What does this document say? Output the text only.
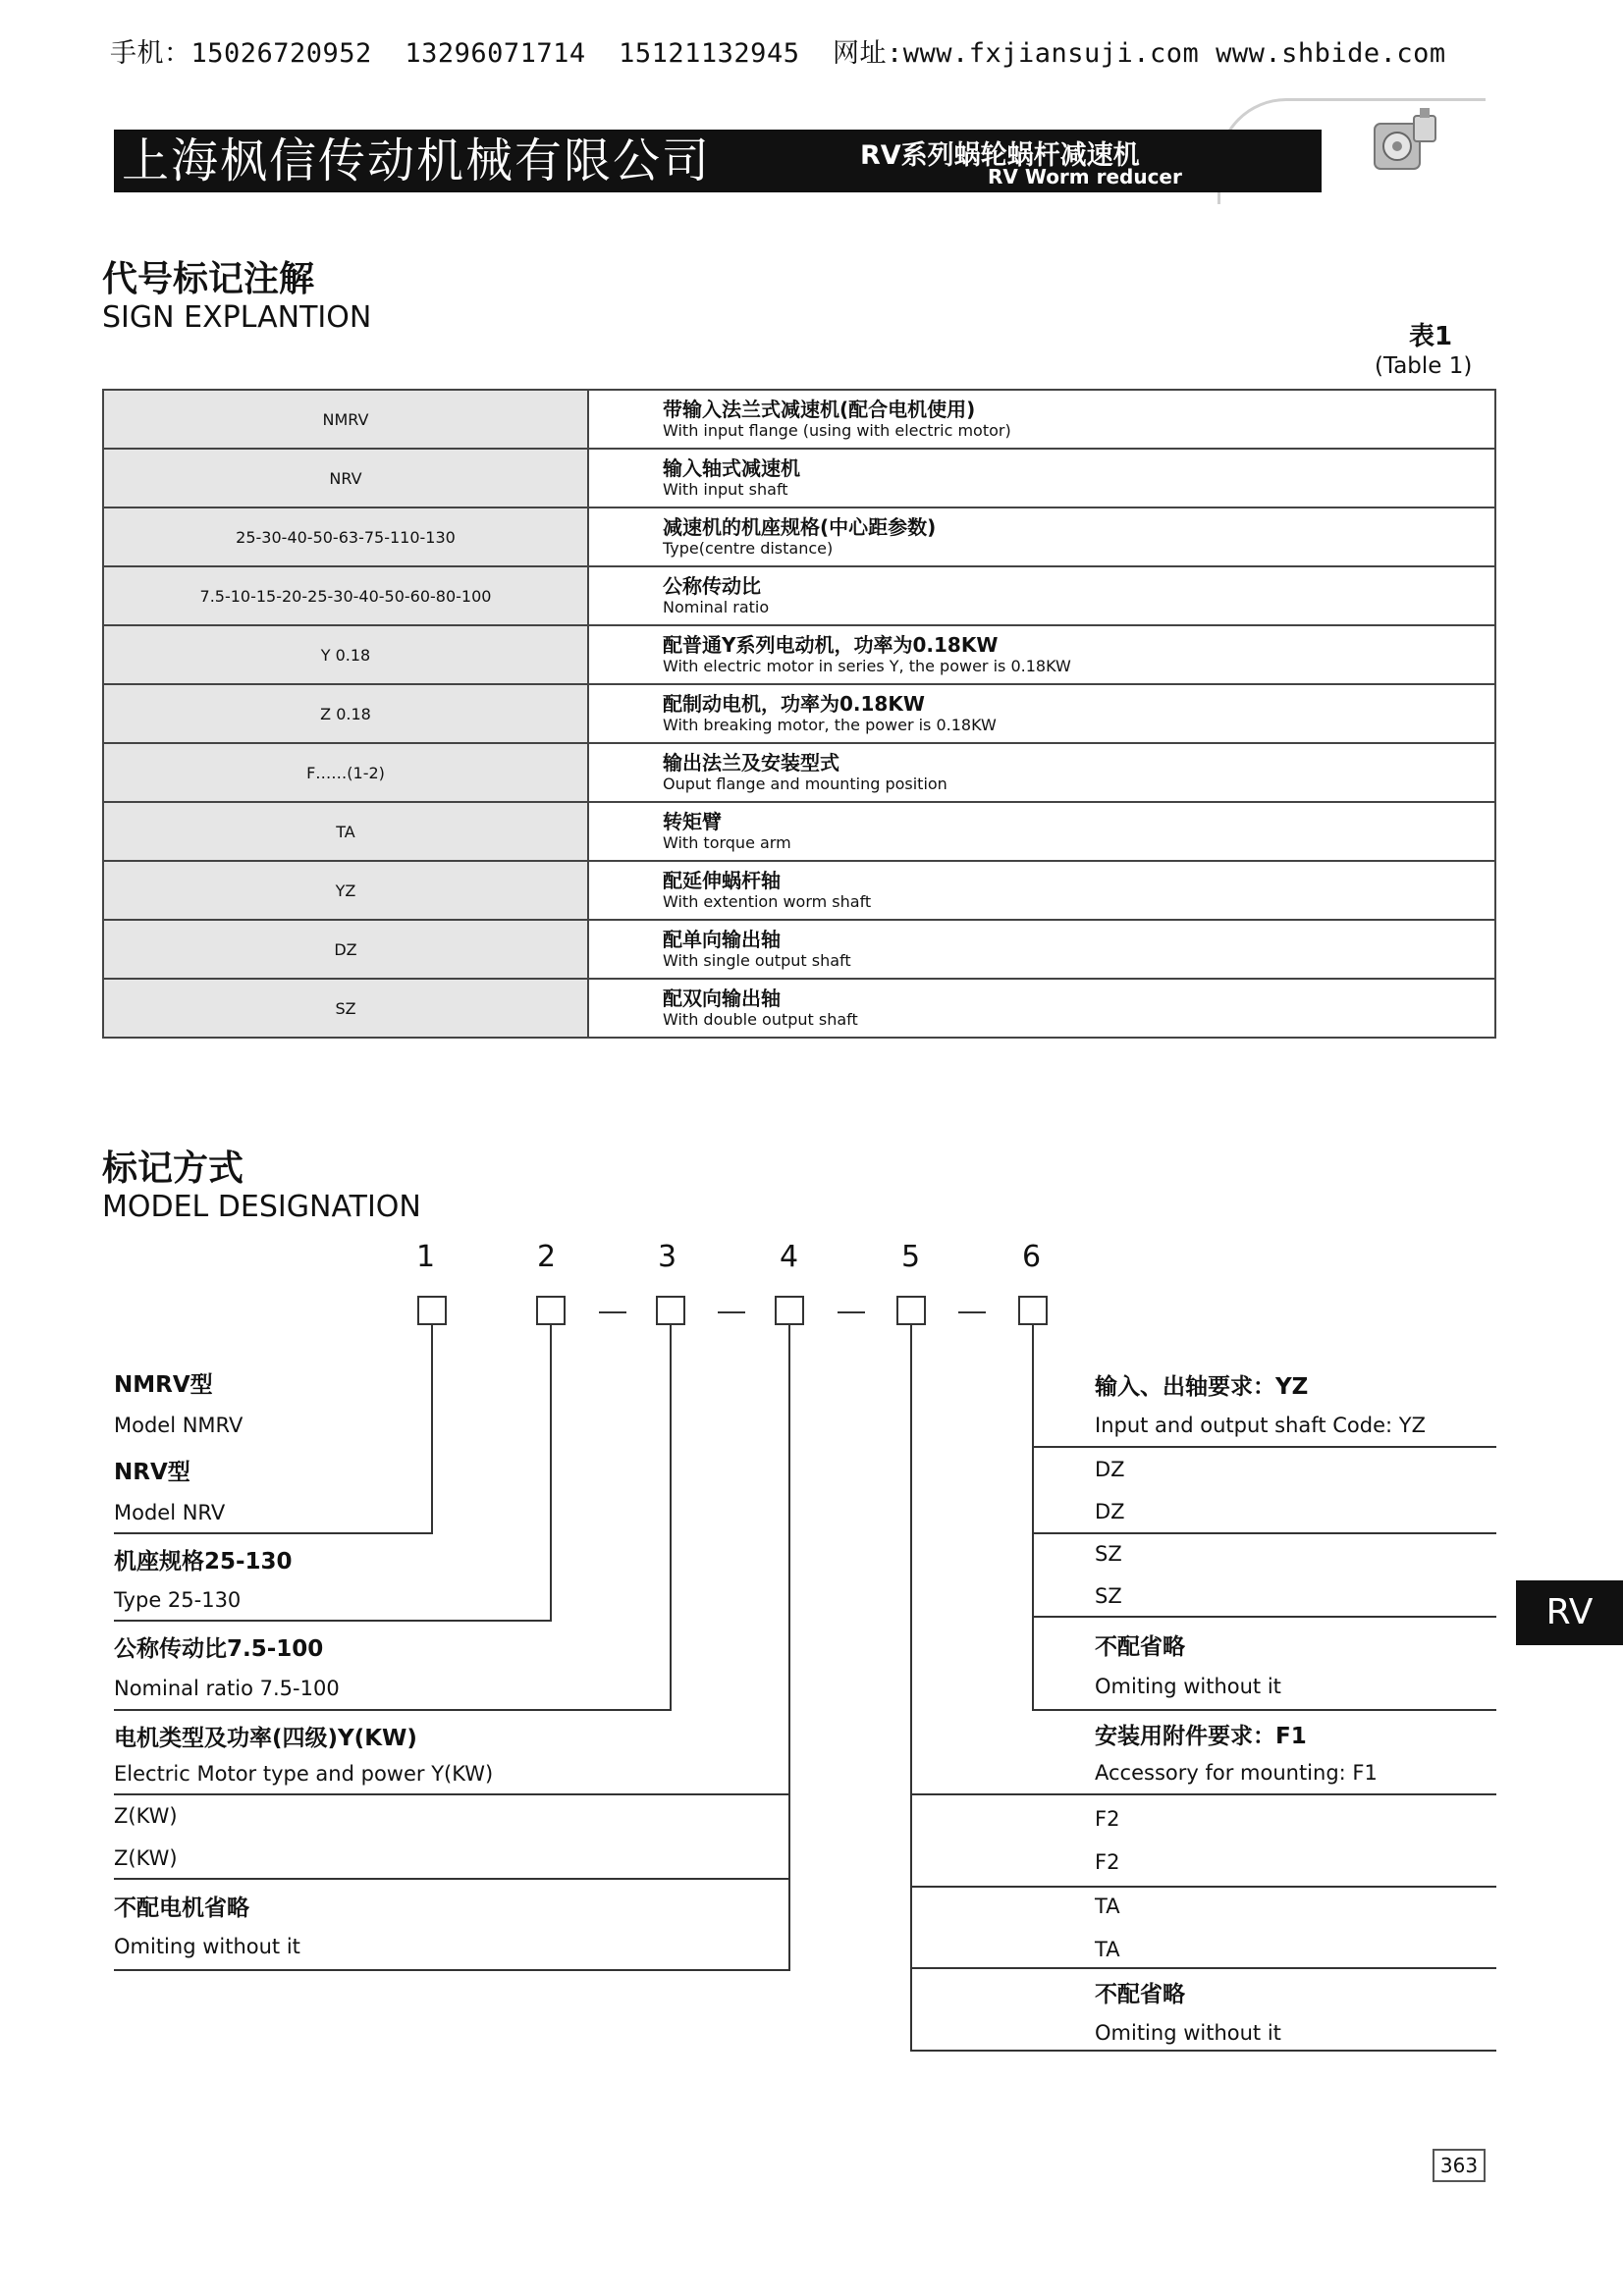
手机：15026720952  13296071714  15121132945  网址:www.fxjiansuji.com www.shbide.com
上海枫信传动机械有限公司	RV系列蜗轮蜗杆减速机
RV Worm reducer
代号标记注解
SIGN EXPLANTION
表1
(Table 1)
NMRV	带输入法兰式减速机(配合电机使用)
With input flange (using with electric motor)

NRV	输入轴式减速机
With input shaft

25-30-40-50-63-75-110-130	减速机的机座规格(中心距参数)
Type(centre distance)

7.5-10-15-20-25-30-40-50-60-80-100	公称传动比
Nominal ratio

Y 0.18	配普通Y系列电动机，功率为0.18KW
With electric motor in series Y, the power is 0.18KW

Z 0.18	配制动电机，功率为0.18KW
With breaking motor, the power is 0.18KW

F……(1-2)	输出法兰及安装型式
Ouput flange and mounting position

TA	转矩臂
With torque arm

YZ	配延伸蜗杆轴
With extention worm shaft

DZ	配单向输出轴
With single output shaft

SZ	配双向输出轴
With double output shaft
标记方式
MODEL DESIGNATION
1	2	3	4	5	6
NMRV型
Model NMRV
NRV型
Model NRV
机座规格25-130
Type 25-130
公称传动比7.5-100
Nominal ratio 7.5-100
电机类型及功率(四级)Y(KW)
Electric Motor type and power Y(KW)
Z(KW)
Z(KW)
不配电机省略
Omiting without it
输入、出轴要求：YZ
Input and output shaft Code: YZ
DZ
DZ
SZ
SZ
不配省略
Omiting without it
安装用附件要求：F1
Accessory for mounting: F1
F2
F2
TA
TA
不配省略
Omiting without it
RV
363
